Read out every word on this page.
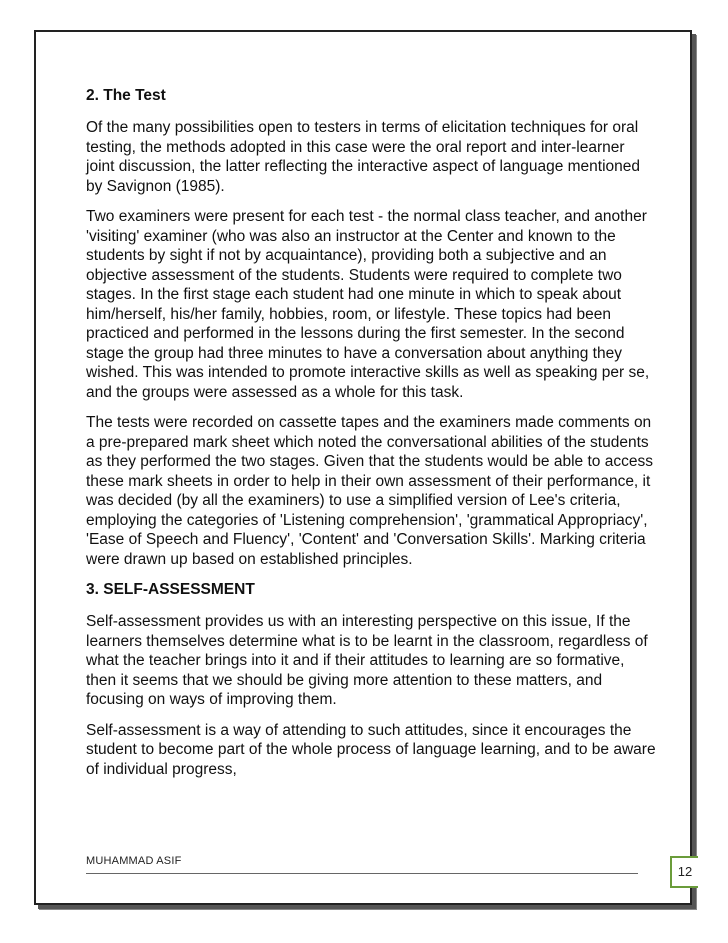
2. The Test

Of the many possibilities open to testers in terms of elicitation techniques for oral testing, the methods adopted in this case were the oral report and inter-learner joint discussion, the latter reflecting the interactive aspect of language mentioned by Savignon (1985).

Two examiners were present for each test - the normal class teacher, and another 'visiting' examiner (who was also an instructor at the Center and known to the students by sight if not by acquaintance), providing both a subjective and an objective assessment of the students. Students were required to complete two stages. In the first stage each student had one minute in which to speak about him/herself, his/her family, hobbies, room, or lifestyle. These topics had been practiced and performed in the lessons during the first semester. In the second stage the group had three minutes to have a conversation about anything they wished. This was intended to promote interactive skills as well as speaking per se, and the groups were assessed as a whole for this task.

The tests were recorded on cassette tapes and the examiners made comments on a pre-prepared mark sheet which noted the conversational abilities of the students as they performed the two stages. Given that the students would be able to access these mark sheets in order to help in their own assessment of their performance, it was decided (by all the examiners) to use a simplified version of Lee's criteria, employing the categories of 'Listening comprehension', 'grammatical Appropriacy', 'Ease of Speech and Fluency', 'Content' and 'Conversation Skills'. Marking criteria were drawn up based on established principles.

3. SELF-ASSESSMENT

Self-assessment provides us with an interesting perspective on this issue, If the learners themselves determine what is to be learnt in the classroom, regardless of what the teacher brings into it and if their attitudes to learning are so formative, then it seems that we should be giving more attention to these matters, and focusing on ways of improving them.

Self-assessment is a way of attending to such attitudes, since it encourages the student to become part of the whole process of language learning, and to be aware of individual progress,

MUHAMMAD ASIF
12
